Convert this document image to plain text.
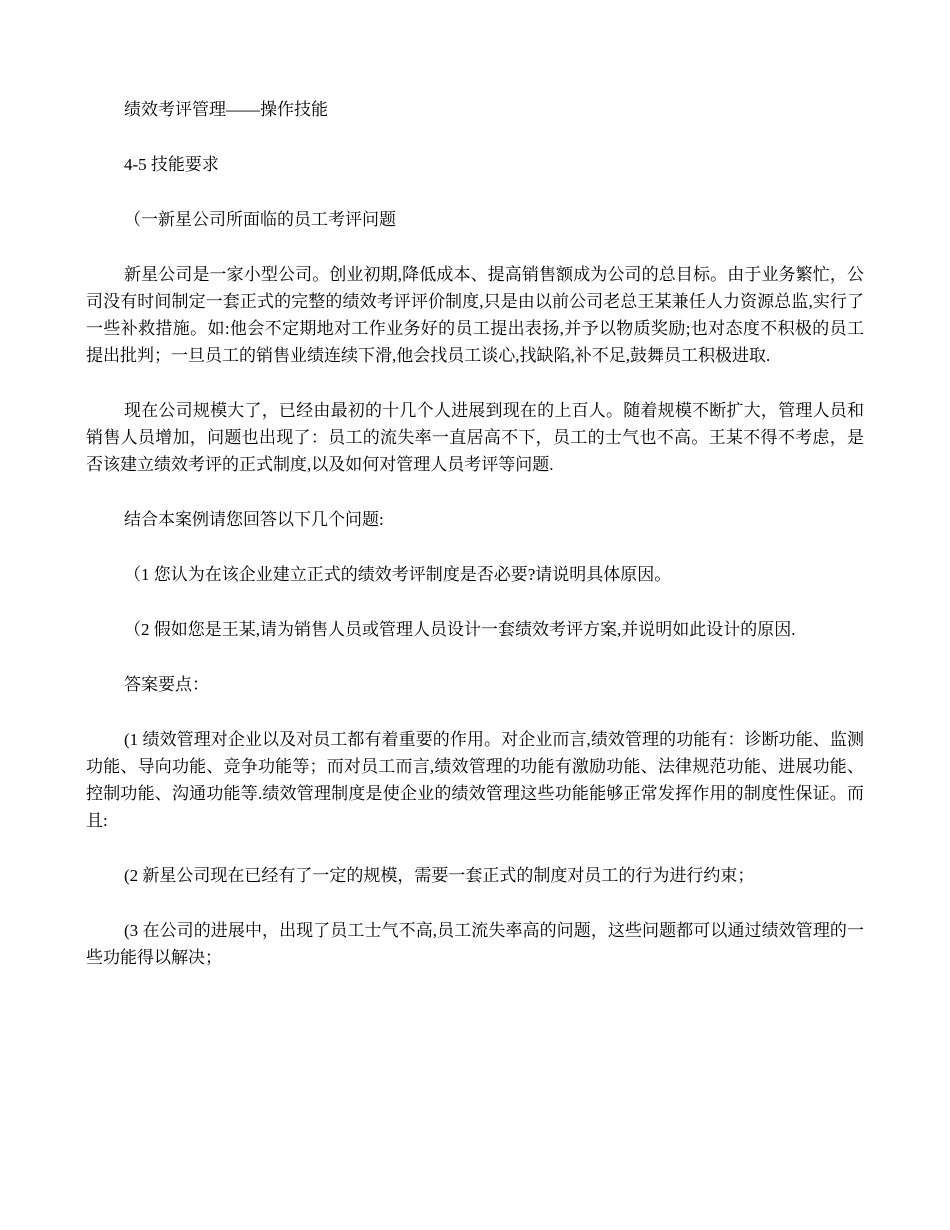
绩效考评管理——操作技能

4-5 技能要求

（一新星公司所面临的员工考评问题

新星公司是一家小型公司。创业初期,降低成本、提高销售额成为公司的总目标。由于业务繁忙，公司没有时间制定一套正式的完整的绩效考评评价制度,只是由以前公司老总王某兼任人力资源总监,实行了一些补救措施。如:他会不定期地对工作业务好的员工提出表扬,并予以物质奖励;也对态度不积极的员工提出批判；一旦员工的销售业绩连续下滑,他会找员工谈心,找缺陷,补不足,鼓舞员工积极进取.

现在公司规模大了，已经由最初的十几个人进展到现在的上百人。随着规模不断扩大，管理人员和销售人员增加，问题也出现了：员工的流失率一直居高不下，员工的士气也不高。王某不得不考虑，是否该建立绩效考评的正式制度,以及如何对管理人员考评等问题.

结合本案例请您回答以下几个问题:

（1 您认为在该企业建立正式的绩效考评制度是否必要?请说明具体原因。

（2 假如您是王某,请为销售人员或管理人员设计一套绩效考评方案,并说明如此设计的原因.

答案要点：

(1 绩效管理对企业以及对员工都有着重要的作用。对企业而言,绩效管理的功能有：诊断功能、监测功能、导向功能、竞争功能等；而对员工而言,绩效管理的功能有激励功能、法律规范功能、进展功能、控制功能、沟通功能等.绩效管理制度是使企业的绩效管理这些功能能够正常发挥作用的制度性保证。而且:

(2 新星公司现在已经有了一定的规模，需要一套正式的制度对员工的行为进行约束；

(3 在公司的进展中，出现了员工士气不高,员工流失率高的问题，这些问题都可以通过绩效管理的一些功能得以解决；
